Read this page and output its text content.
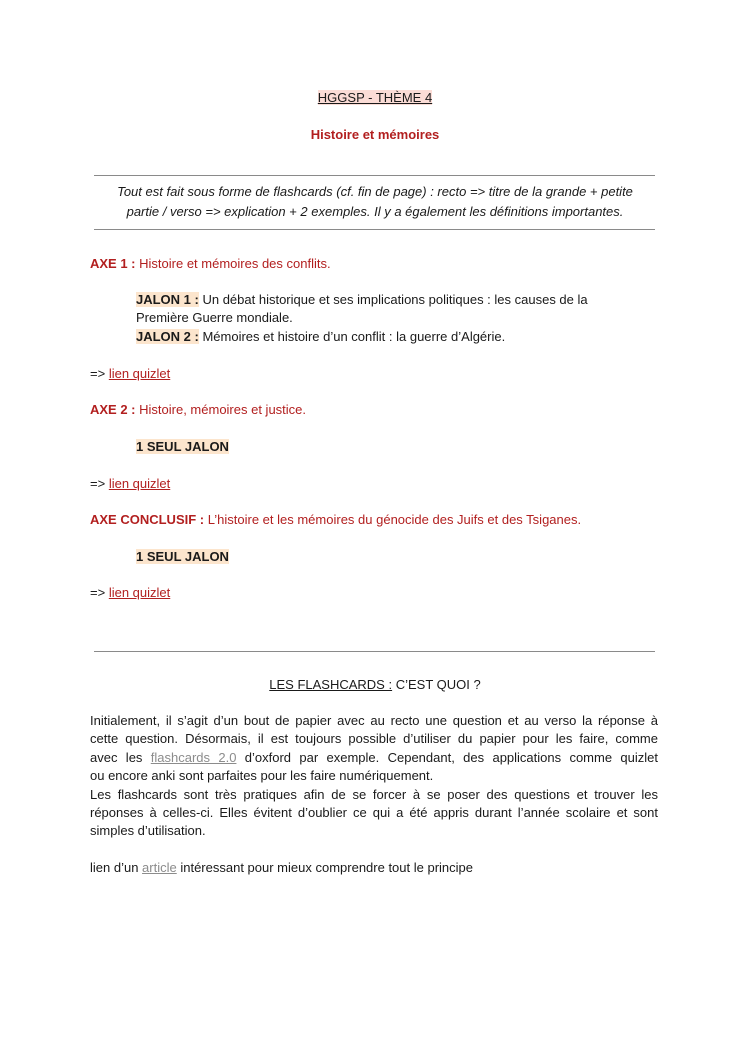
HGGSP - THÈME 4
Histoire et mémoires
Tout est fait sous forme de flashcards (cf. fin de page) : recto => titre de la grande + petite
partie / verso => explication + 2 exemples. Il y a également les définitions importantes.
AXE 1 : Histoire et mémoires des conflits.
JALON 1 : Un débat historique et ses implications politiques : les causes de la
Première Guerre mondiale.
JALON 2 : Mémoires et histoire d’un conflit : la guerre d’Algérie.
=> lien quizlet
AXE 2 : Histoire, mémoires et justice.
1 SEUL JALON
=> lien quizlet
AXE CONCLUSIF : L’histoire et les mémoires du génocide des Juifs et des Tsiganes.
1 SEUL JALON
=> lien quizlet
LES FLASHCARDS : C’EST QUOI ?
Initialement, il s’agit d’un bout de papier avec au recto une question et au verso la réponse à
cette question. Désormais, il est toujours possible d’utiliser du papier pour les faire, comme
avec les flashcards 2.0 d’oxford par exemple. Cependant, des applications comme quizlet
ou encore anki sont parfaites pour les faire numériquement.
Les flashcards sont très pratiques afin de se forcer à se poser des questions et trouver les
réponses à celles-ci. Elles évitent d’oublier ce qui a été appris durant l’année scolaire et sont
simples d’utilisation.
lien d’un article intéressant pour mieux comprendre tout le principe
